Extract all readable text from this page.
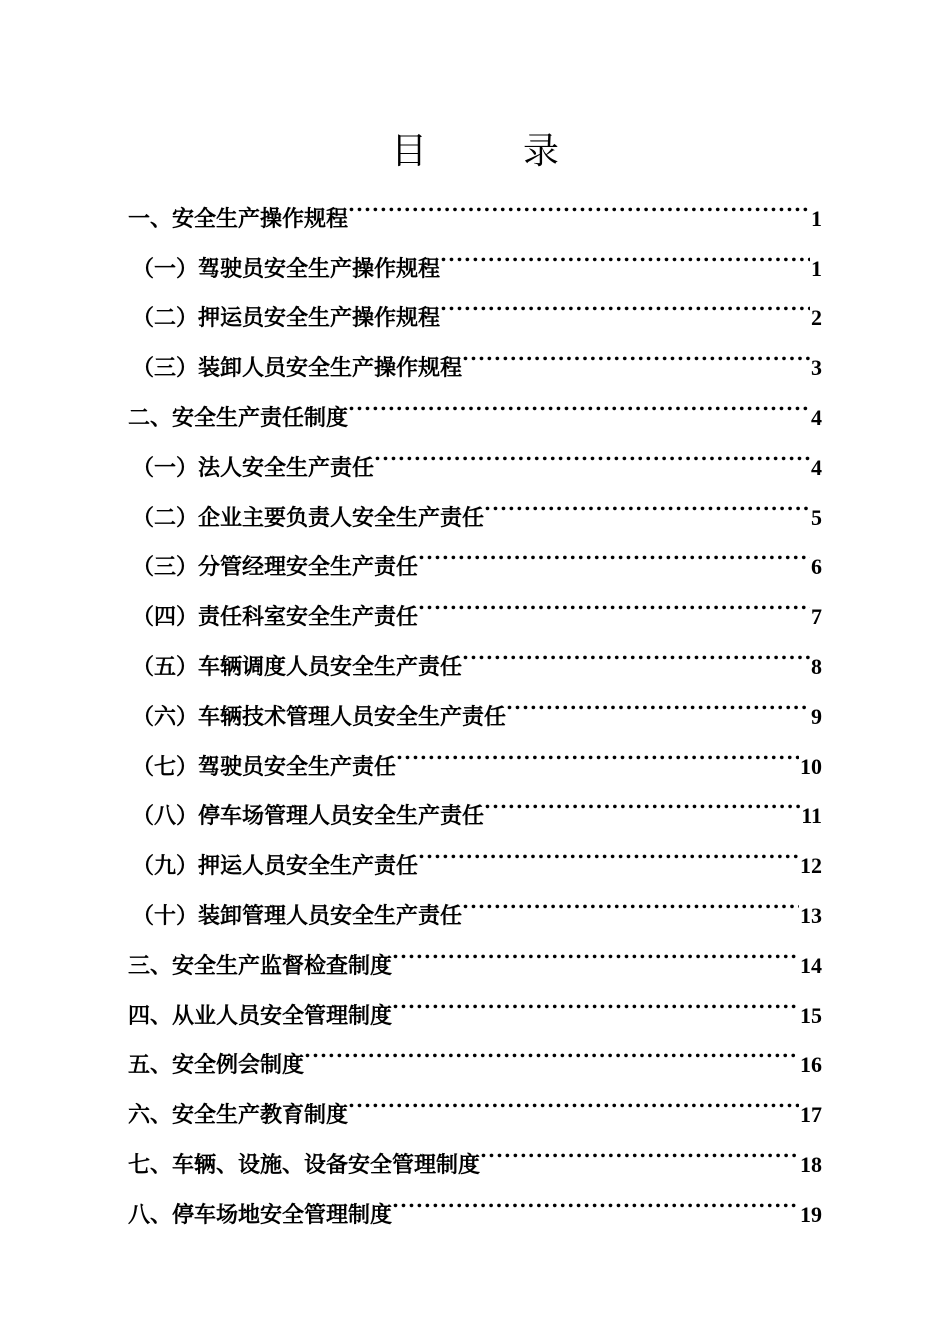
目　录
一、安全生产操作规程 .....	1
（一）驾驶员安全生产操作规程 .....	1
（二）押运员安全生产操作规程 .....	2
（三）装卸人员安全生产操作规程 .....	3
二、安全生产责任制度 .....	4
（一）法人安全生产责任 .....	4
（二）企业主要负责人安全生产责任 .....	5
（三）分管经理安全生产责任 .....	6
（四）责任科室安全生产责任 .....	7
（五）车辆调度人员安全生产责任 .....	8
（六）车辆技术管理人员安全生产责任 .....	9
（七）驾驶员安全生产责任 .....	10
（八）停车场管理人员安全生产责任 .....	11
（九）押运人员安全生产责任 .....	12
（十）装卸管理人员安全生产责任 .....	13
三、安全生产监督检查制度 .....	14
四、从业人员安全管理制度 .....	15
五、安全例会制度 .....	16
六、安全生产教育制度 .....	17
七、车辆、设施、设备安全管理制度 .....	18
八、停车场地安全管理制度 .....	19
